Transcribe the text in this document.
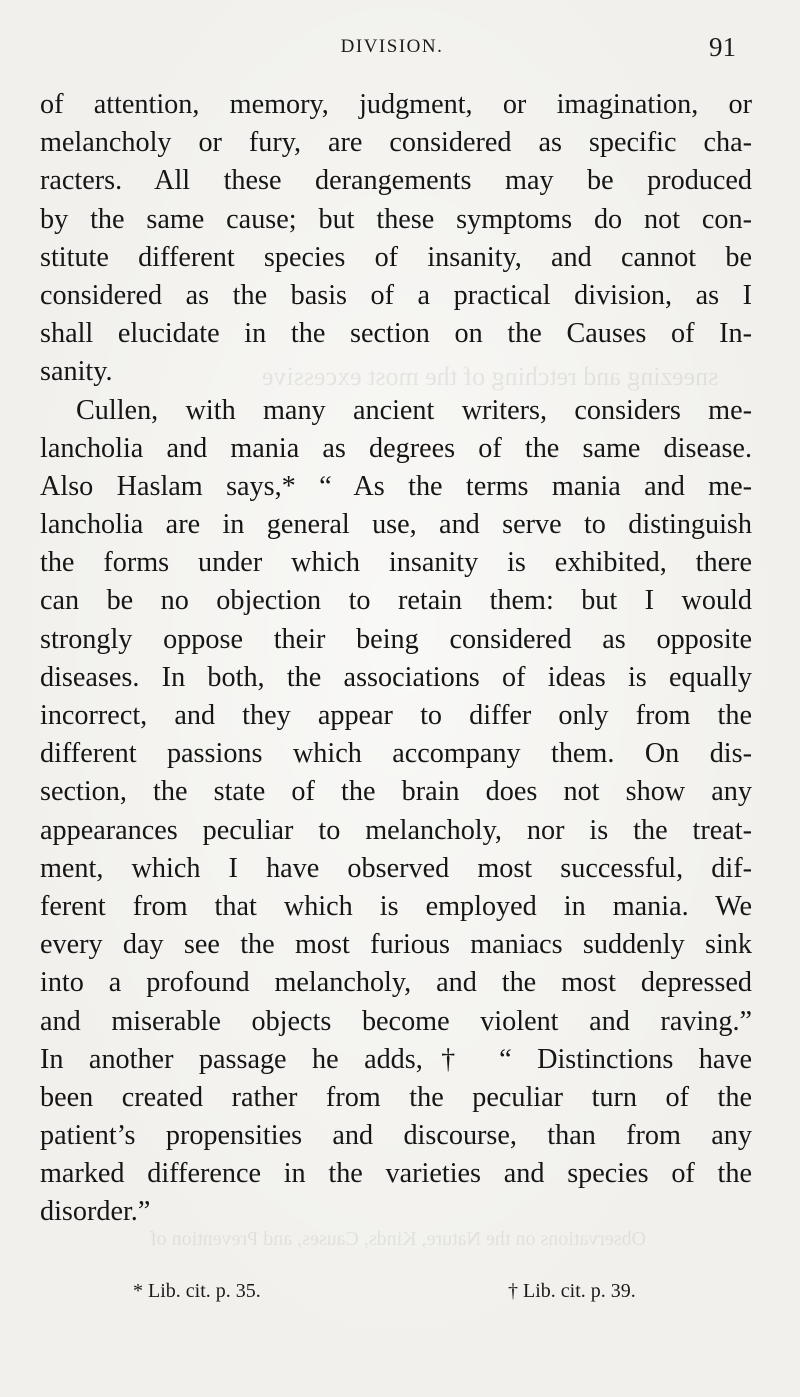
sneezing and retching of the most excessive
Observations on the Nature, Kinds, Causes, and Prevention of
DIVISION.	91
of attention, memory, judgment, or imagination, or
melancholy or fury, are considered as specific cha-
racters. All these derangements may be produced
by the same cause; but these symptoms do not con-
stitute different species of insanity, and cannot be
considered as the basis of a practical division, as I
shall elucidate in the section on the Causes of In-
sanity.
Cullen, with many ancient writers, considers me-
lancholia and mania as degrees of the same disease.
Also Haslam says,* “ As the terms mania and me-
lancholia are in general use, and serve to distinguish
the forms under which insanity is exhibited, there
can be no objection to retain them: but I would
strongly oppose their being considered as opposite
diseases. In both, the associations of ideas is equally
incorrect, and they appear to differ only from the
different passions which accompany them. On dis-
section, the state of the brain does not show any
appearances peculiar to melancholy, nor is the treat-
ment, which I have observed most successful, dif-
ferent from that which is employed in mania. We
every day see the most furious maniacs suddenly sink
into a profound melancholy, and the most depressed
and miserable objects become violent and raving.”
In another passage he adds,† “ Distinctions have
been created rather from the peculiar turn of the
patient’s propensities and discourse, than from any
marked difference in the varieties and species of the
disorder.”
* Lib. cit. p. 35.	† Lib. cit. p. 39.
